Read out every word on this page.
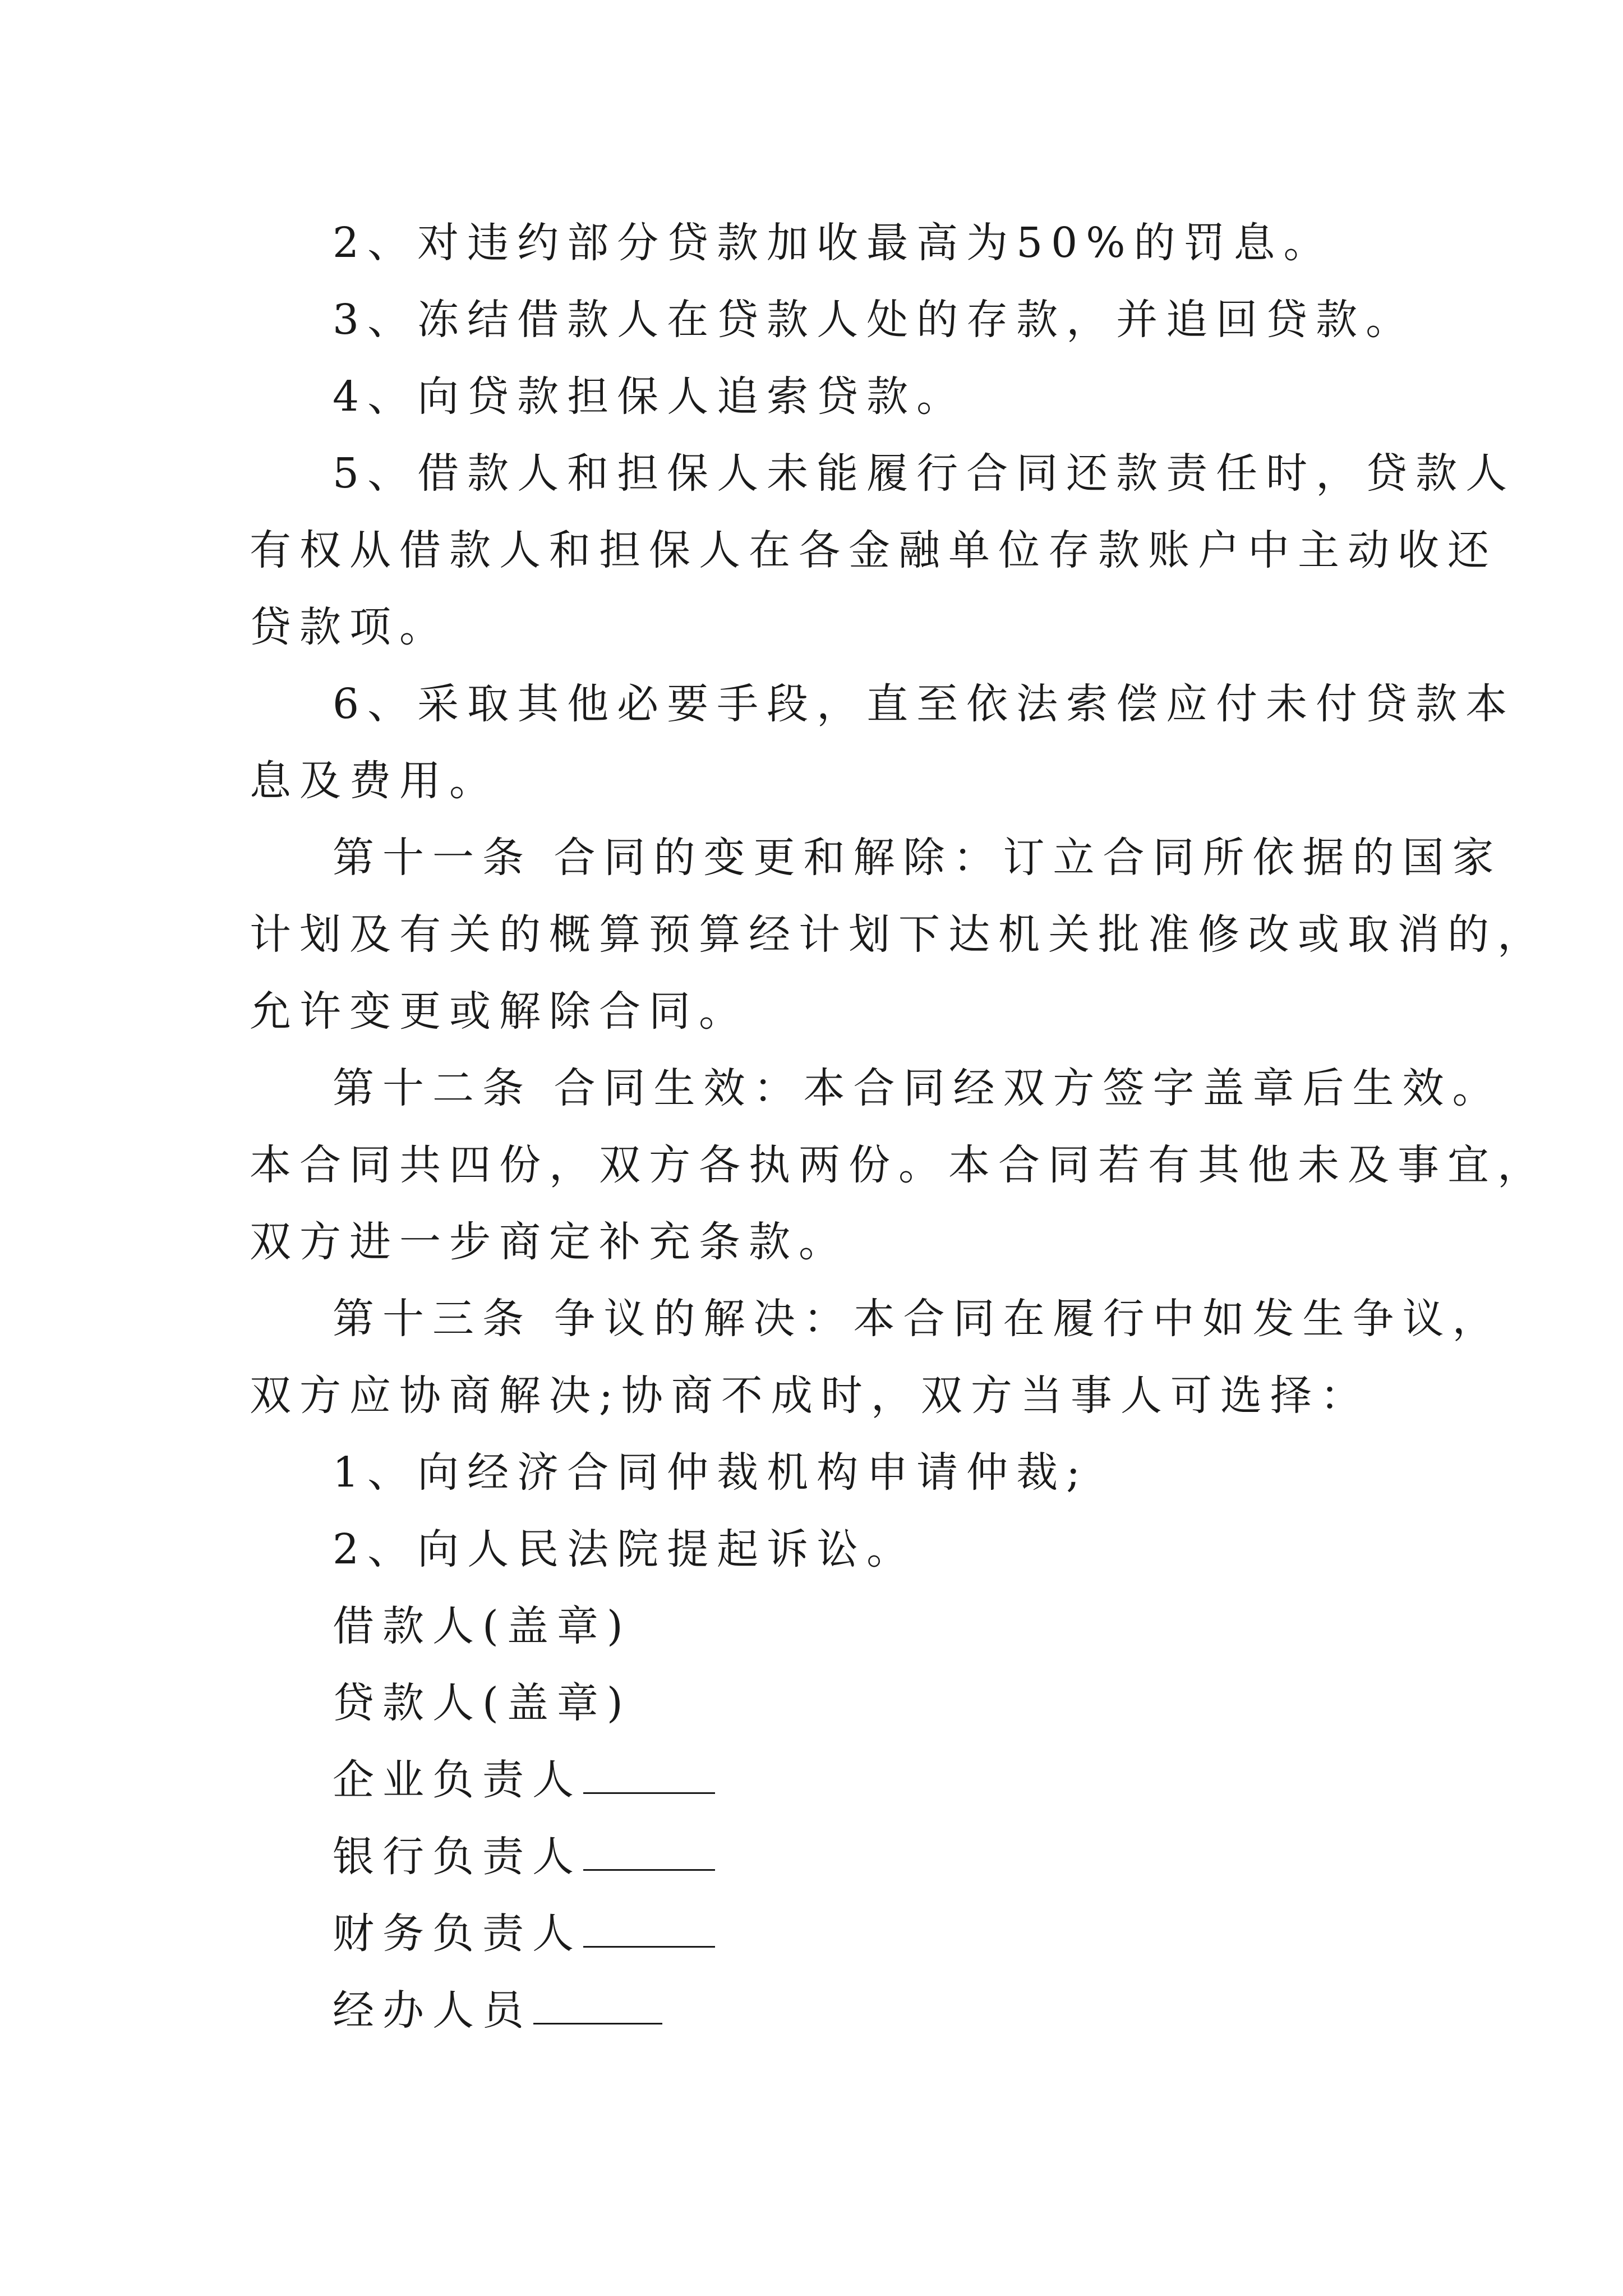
2、对违约部分贷款加收最高为50%的罚息。
3、冻结借款人在贷款人处的存款，并追回贷款。
4、向贷款担保人追索贷款。
5、借款人和担保人未能履行合同还款责任时，贷款人
有权从借款人和担保人在各金融单位存款账户中主动收还
贷款项。
6、采取其他必要手段，直至依法索偿应付未付贷款本
息及费用。
第十一条 合同的变更和解除：订立合同所依据的国家
计划及有关的概算预算经计划下达机关批准修改或取消的，
允许变更或解除合同。
第十二条 合同生效：本合同经双方签字盖章后生效。
本合同共四份，双方各执两份。本合同若有其他未及事宜，
双方进一步商定补充条款。
第十三条 争议的解决：本合同在履行中如发生争议，
双方应协商解决;协商不成时，双方当事人可选择：
1、向经济合同仲裁机构申请仲裁;
2、向人民法院提起诉讼。
借款人(盖章)
贷款人(盖章)
企业负责人
银行负责人
财务负责人
经办人员
